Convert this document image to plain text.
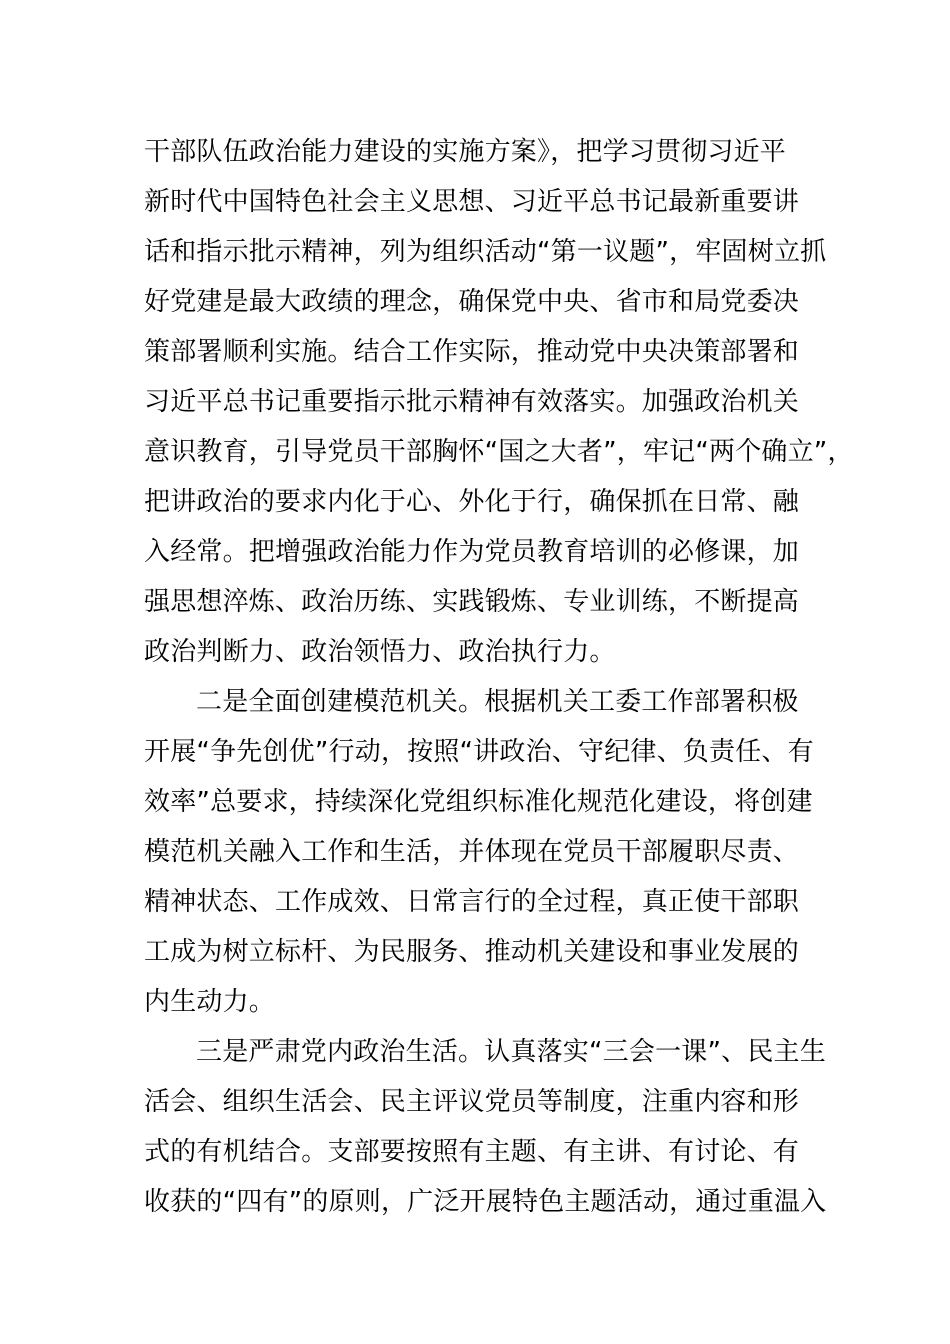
干部队伍政治能力建设的实施方案》，把学习贯彻习近平
新时代中国特色社会主义思想、习近平总书记最新重要讲
话和指示批示精神，列为组织活动“第一议题”，牢固树立抓
好党建是最大政绩的理念，确保党中央、省市和局党委决
策部署顺利实施。结合工作实际，推动党中央决策部署和
习近平总书记重要指示批示精神有效落实。加强政治机关
意识教育，引导党员干部胸怀“国之大者”，牢记“两个确立”，
把讲政治的要求内化于心、外化于行，确保抓在日常、融
入经常。把增强政治能力作为党员教育培训的必修课，加
强思想淬炼、政治历练、实践锻炼、专业训练，不断提高
政治判断力、政治领悟力、政治执行力。
二是全面创建模范机关。根据机关工委工作部署积极
开展“争先创优”行动，按照“讲政治、守纪律、负责任、有
效率”总要求，持续深化党组织标准化规范化建设，将创建
模范机关融入工作和生活，并体现在党员干部履职尽责、
精神状态、工作成效、日常言行的全过程，真正使干部职
工成为树立标杆、为民服务、推动机关建设和事业发展的
内生动力。
三是严肃党内政治生活。认真落实“三会一课”、民主生
活会、组织生活会、民主评议党员等制度，注重内容和形
式的有机结合。支部要按照有主题、有主讲、有讨论、有
收获的“四有”的原则，广泛开展特色主题活动，通过重温入
